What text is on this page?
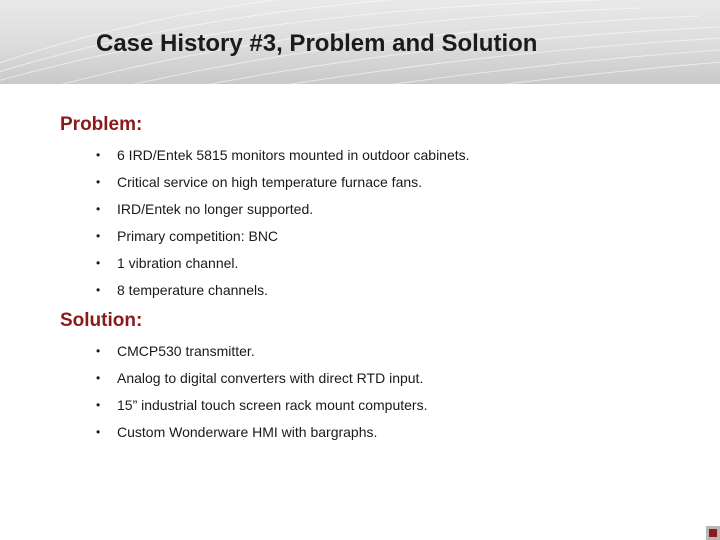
Case History #3, Problem and Solution
Problem:
• 6 IRD/Entek 5815 monitors mounted in outdoor cabinets.
• Critical service on high temperature furnace fans.
• IRD/Entek no longer supported.
• Primary competition: BNC
• 1 vibration channel.
• 8 temperature channels.
Solution:
• CMCP530 transmitter.
• Analog to digital converters with direct RTD input.
• 15” industrial touch screen rack mount computers.
• Custom Wonderware HMI with bargraphs.
